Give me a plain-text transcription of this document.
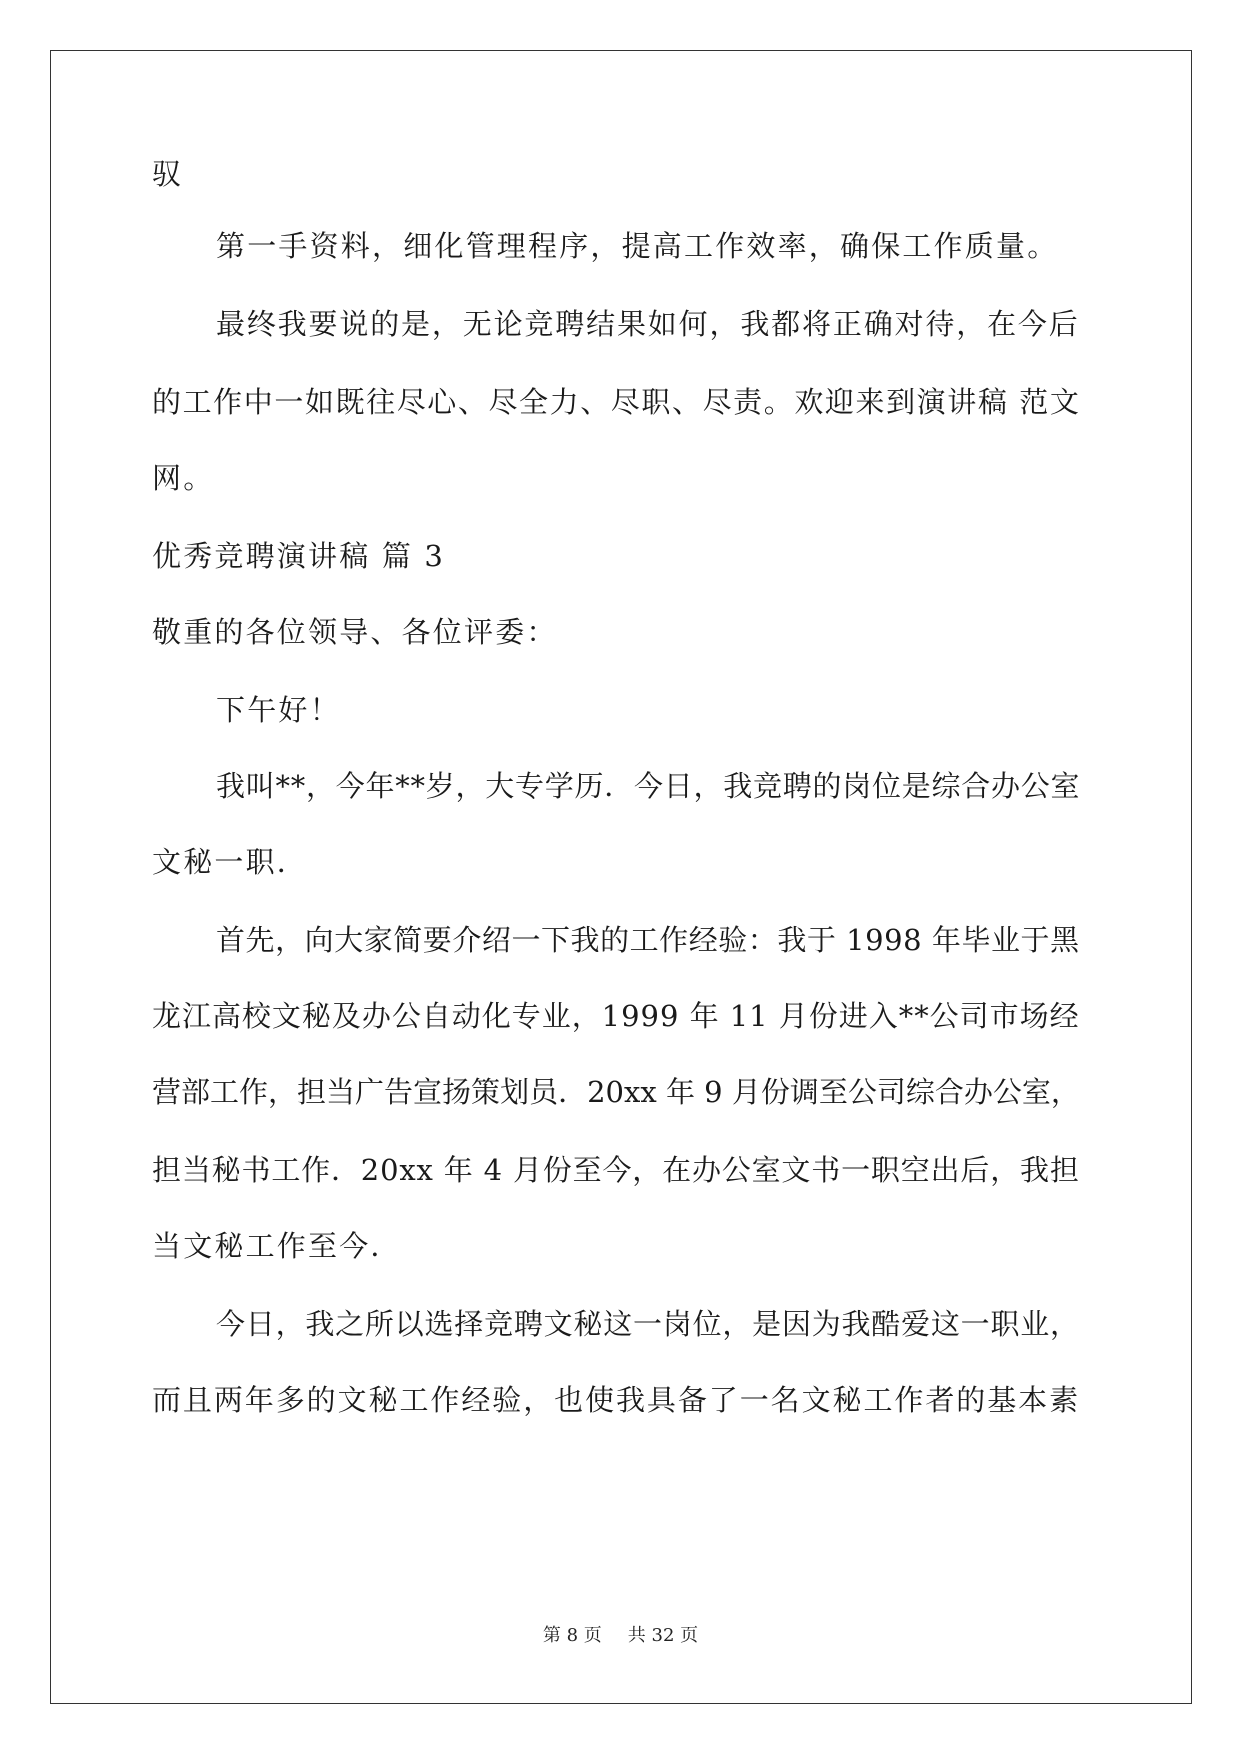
驭
第一手资料，细化管理程序，提高工作效率，确保工作质量。
最终我要说的是，无论竞聘结果如何，我都将正确对待，在今后
的工作中一如既往尽心、尽全力、尽职、尽责。欢迎来到演讲稿 范文
网。
优秀竞聘演讲稿 篇 3
敬重的各位领导、各位评委：
下午好！
我叫**，今年**岁，大专学历．今日，我竞聘的岗位是综合办公室
文秘一职．
首先，向大家简要介绍一下我的工作经验：我于 1998 年毕业于黑
龙江高校文秘及办公自动化专业，1999 年 11 月份进入**公司市场经
营部工作，担当广告宣扬策划员．20xx 年 9 月份调至公司综合办公室，
担当秘书工作．20xx 年 4 月份至今，在办公室文书一职空出后，我担
当文秘工作至今．
今日，我之所以选择竞聘文秘这一岗位，是因为我酷爱这一职业，
而且两年多的文秘工作经验，也使我具备了一名文秘工作者的基本素
第 8 页 共 32 页
